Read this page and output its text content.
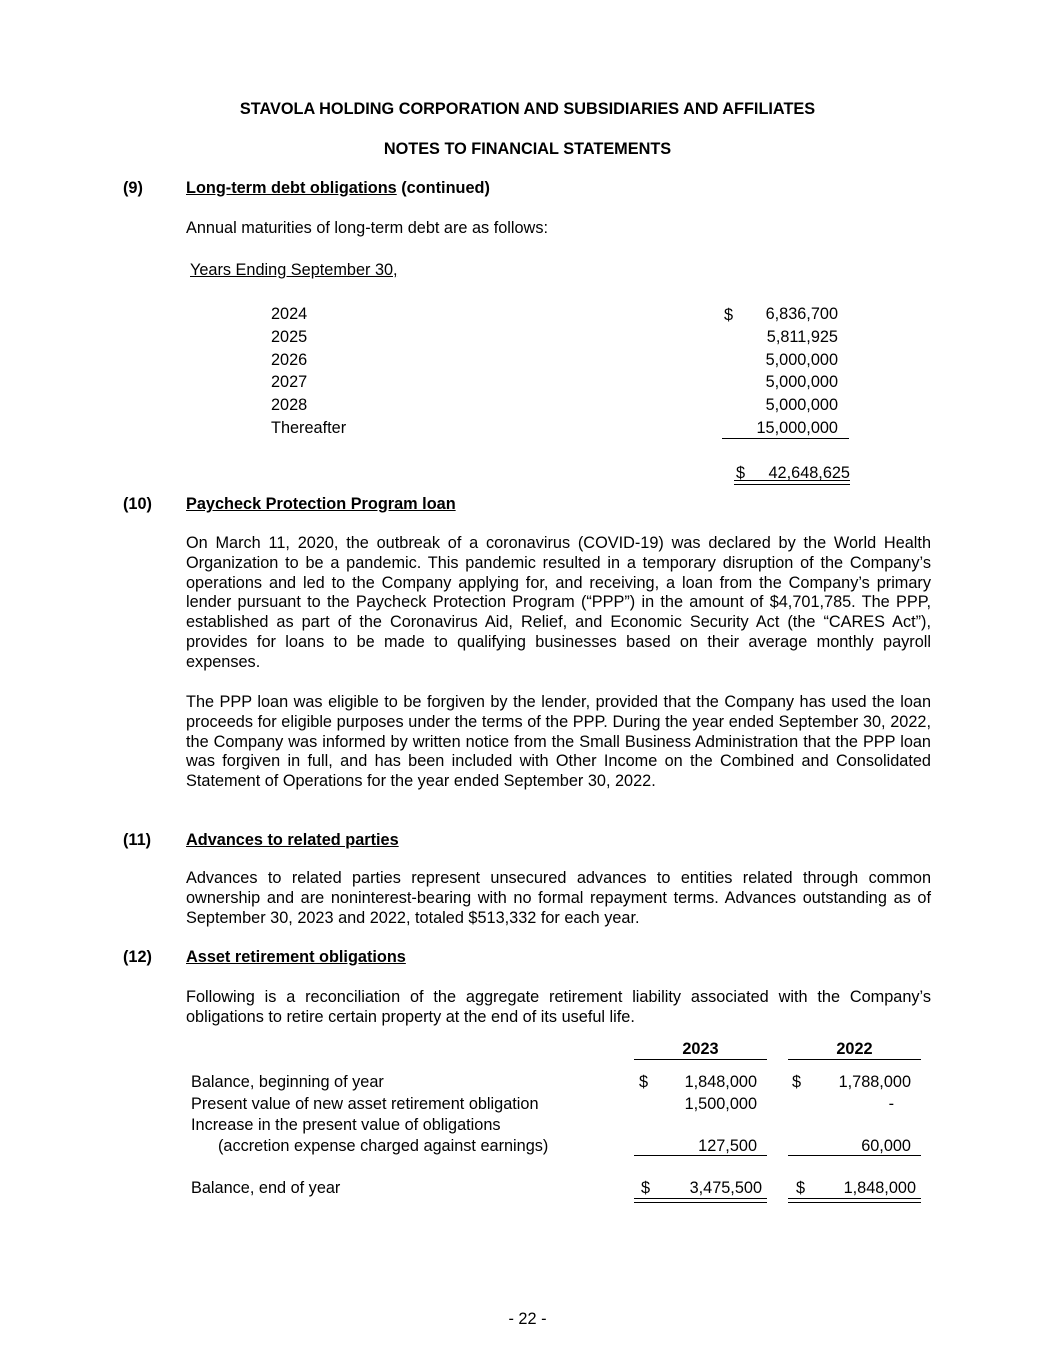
STAVOLA HOLDING CORPORATION AND SUBSIDIARIES AND AFFILIATES
NOTES TO FINANCIAL STATEMENTS
(9)	Long-term debt obligations (continued)
Annual maturities of long-term debt are as follows:
Years Ending September 30,
$
2024	6,836,700
2025	5,811,925
2026	5,000,000
2027	5,000,000
2028	5,000,000
Thereafter	15,000,000
$	42,648,625
(10) Paycheck Protection Program loan
On March 11, 2020, the outbreak of a coronavirus (COVID-19) was declared by the World Health Organization to be a pandemic. This pandemic resulted in a temporary disruption of the Company’s operations and led to the Company applying for, and receiving, a loan from the Company’s primary lender pursuant to the Paycheck Protection Program (“PPP”) in the amount of $4,701,785. The PPP, established as part of the Coronavirus Aid, Relief, and Economic Security Act (the “CARES Act”), provides for loans to be made to qualifying businesses based on their average monthly payroll expenses.
The PPP loan was eligible to be forgiven by the lender, provided that the Company has used the loan proceeds for eligible purposes under the terms of the PPP. During the year ended September 30, 2022, the Company was informed by written notice from the Small Business Administration that the PPP loan was forgiven in full, and has been included with Other Income on the Combined and Consolidated Statement of Operations for the year ended September 30, 2022.
(11) Advances to related parties
Advances to related parties represent unsecured advances to entities related through common ownership and are noninterest-bearing with no formal repayment terms. Advances outstanding as of September 30, 2023 and 2022, totaled $513,332 for each year.
(12) Asset retirement obligations
Following is a reconciliation of the aggregate retirement liability associated with the Company’s obligations to retire certain property at the end of its useful life.
2023	2022
Balance, beginning of year	$	1,848,000 $	1,788,000
Present value of new asset retirement obligation	1,500,000	-
Increase in the present value of obligations
(accretion expense charged against earnings)	127,500	60,000
Balance, end of year	$	3,475,500 $	1,848,000
- 22 -
